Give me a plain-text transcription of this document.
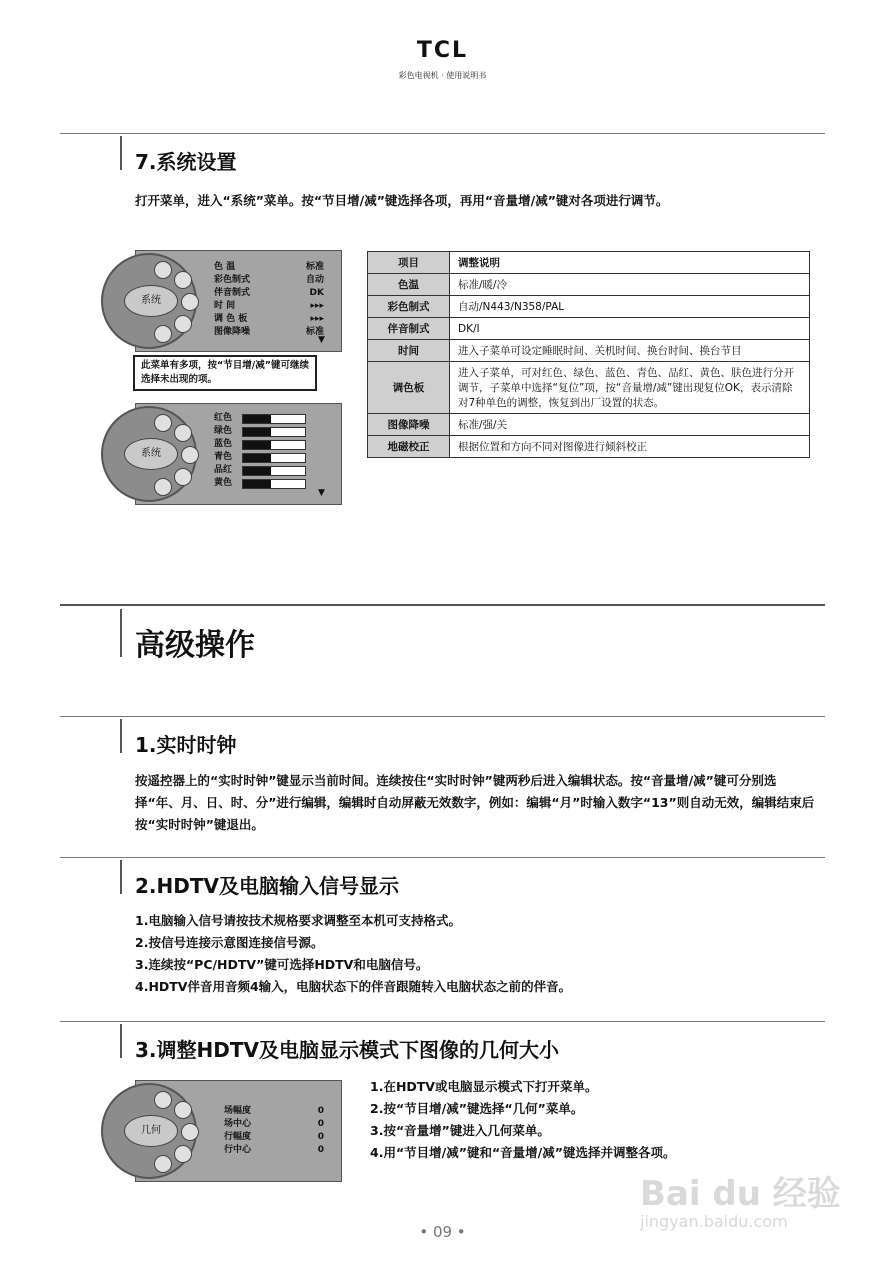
TCL
彩色电视机 · 使用说明书
7.系统设置
打开菜单，进入“系统”菜单。按“节目增/减”键选择各项，再用“音量增/减”键对各项进行调节。
系统
色 温	标准
彩色制式	自动
伴音制式	DK
时 间	▸▸▸
调 色 板	▸▸▸
图像降噪	标准
▼
此菜单有多项，按“节目增/减”键可继续选择未出现的项。
系统
红色
绿色
蓝色
青色
品红
黄色
▼
项目	调整说明
色温	标准/暖/冷
彩色制式	自动/N443/N358/PAL
伴音制式	DK/I
时间	进入子菜单可设定睡眠时间、关机时间、换台时间、换台节目
调色板	进入子菜单，可对红色、绿色、蓝色、青色、品红、黄色、肤色进行分开调节，子菜单中选择“复位”项，按“音量增/减”键出现复位OK，表示清除对7种单色的调整，恢复到出厂设置的状态。
图像降噪	标准/强/关
地磁校正	根据位置和方向不同对图像进行倾斜校正
高级操作
1.实时时钟
按遥控器上的“实时时钟”键显示当前时间。连续按住“实时时钟”键两秒后进入编辑状态。按“音量增/减”键可分别选择“年、月、日、时、分”进行编辑，编辑时自动屏蔽无效数字，例如：编辑“月”时输入数字“13”则自动无效，编辑结束后按“实时时钟”键退出。
2.HDTV及电脑输入信号显示
1.电脑输入信号请按技术规格要求调整至本机可支持格式。
2.按信号连接示意图连接信号源。
3.连续按“PC/HDTV”键可选择HDTV和电脑信号。
4.HDTV伴音用音频4输入，电脑状态下的伴音跟随转入电脑状态之前的伴音。
3.调整HDTV及电脑显示模式下图像的几何大小
几何
场幅度	0
场中心	0
行幅度	0
行中心	0
1.在HDTV或电脑显示模式下打开菜单。
2.按“节目增/减”键选择“几何”菜单。
3.按“音量增”键进入几何菜单。
4.用“节目增/减”键和“音量增/减”键选择并调整各项。
• 09 •
Bai du 经验
jingyan.baidu.com
